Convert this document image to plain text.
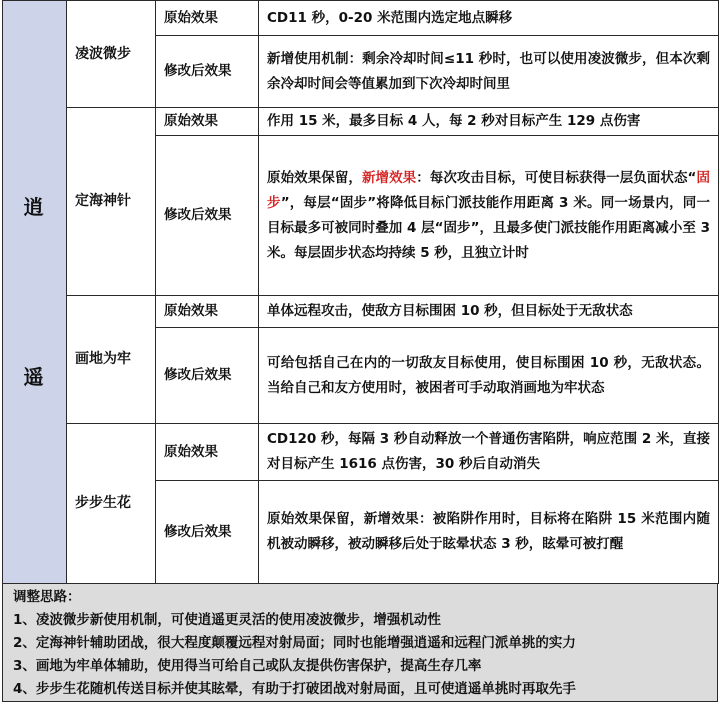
逍
遥	凌波微步	原始效果	CD11 秒，0-20 米范围内选定地点瞬移
		修改后效果	新增使用机制：剩余冷却时间≤11 秒时，也可以使用凌波微步，但本次剩余冷却时间会等值累加到下次冷却时间里
	定海神针	原始效果	作用 15 米，最多目标 4 人，每 2 秒对目标产生 129 点伤害
		修改后效果	原始效果保留，新增效果：每次攻击目标，可使目标获得一层负面状态“固步”，每层“固步”将降低目标门派技能作用距离 3 米。同一场景内，同一目标最多可被同时叠加 4 层“固步”，且最多使门派技能作用距离减小至 3 米。每层固步状态均持续 5 秒，且独立计时
	画地为牢	原始效果	单体远程攻击，使敌方目标围困 10 秒，但目标处于无敌状态
		修改后效果	可给包括自己在内的一切敌友目标使用，使目标围困 10 秒，无敌状态。当给自己和友方使用时，被困者可手动取消画地为牢状态
	步步生花	原始效果	CD120 秒，每隔 3 秒自动释放一个普通伤害陷阱，响应范围 2 米，直接对目标产生 1616 点伤害，30 秒后自动消失
		修改后效果	原始效果保留，新增效果：被陷阱作用时，目标将在陷阱 15 米范围内随机被动瞬移，被动瞬移后处于眩晕状态 3 秒，眩晕可被打醒
调整思路：
1、凌波微步新使用机制，可使逍遥更灵活的使用凌波微步，增强机动性
2、定海神针辅助团战，很大程度颠覆远程对射局面；同时也能增强逍遥和远程门派单挑的实力
3、画地为牢单体辅助，使用得当可给自己或队友提供伤害保护，提高生存几率
4、步步生花随机传送目标并使其眩晕，有助于打破团战对射局面，且可使逍遥单挑时再取先手
